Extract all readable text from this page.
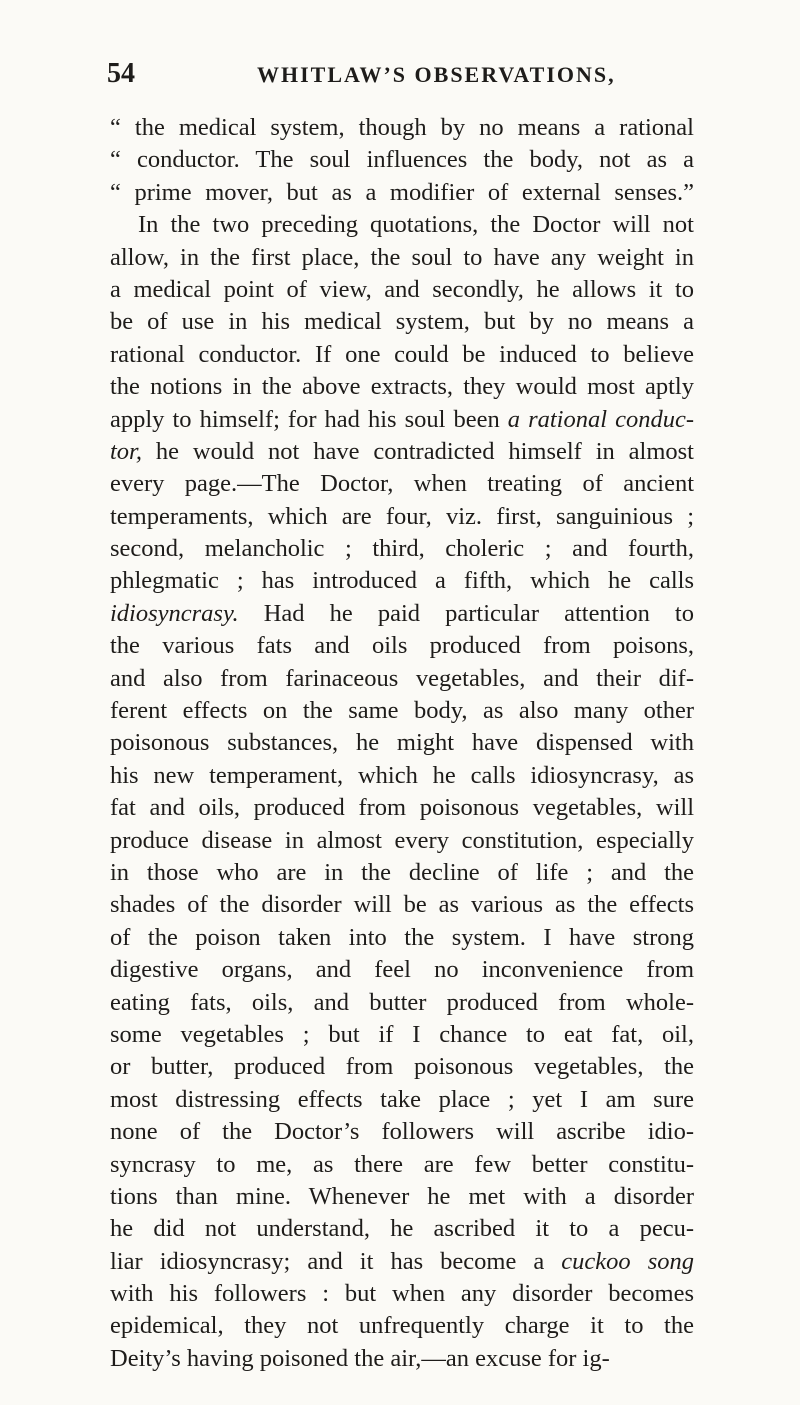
54	WHITLAW’S OBSERVATIONS,
“ the medical system, though by no means a rational
“ conductor. The soul influences the body, not as a
“ prime mover, but as a modifier of external senses.”
In the two preceding quotations, the Doctor will not
allow, in the first place, the soul to have any weight in
a medical point of view, and secondly, he allows it to
be of use in his medical system, but by no means a
rational conductor. If one could be induced to believe
the notions in the above extracts, they would most aptly
apply to himself; for had his soul been a rational conduc-
tor, he would not have contradicted himself in almost
every page.—The Doctor, when treating of ancient
temperaments, which are four, viz. first, sanguinious ;
second, melancholic ; third, choleric ; and fourth,
phlegmatic ; has introduced a fifth, which he calls
idiosyncrasy. Had he paid particular attention to
the various fats and oils produced from poisons,
and also from farinaceous vegetables, and their dif-
ferent effects on the same body, as also many other
poisonous substances, he might have dispensed with
his new temperament, which he calls idiosyncrasy, as
fat and oils, produced from poisonous vegetables, will
produce disease in almost every constitution, especially
in those who are in the decline of life ; and the
shades of the disorder will be as various as the effects
of the poison taken into the system. I have strong
digestive organs, and feel no inconvenience from
eating fats, oils, and butter produced from whole-
some vegetables ; but if I chance to eat fat, oil,
or butter, produced from poisonous vegetables, the
most distressing effects take place ; yet I am sure
none of the Doctor’s followers will ascribe idio-
syncrasy to me, as there are few better constitu-
tions than mine. Whenever he met with a disorder
he did not understand, he ascribed it to a pecu-
liar idiosyncrasy; and it has become a cuckoo song
with his followers : but when any disorder becomes
epidemical, they not unfrequently charge it to the
Deity’s having poisoned the air,—an excuse for ig-
